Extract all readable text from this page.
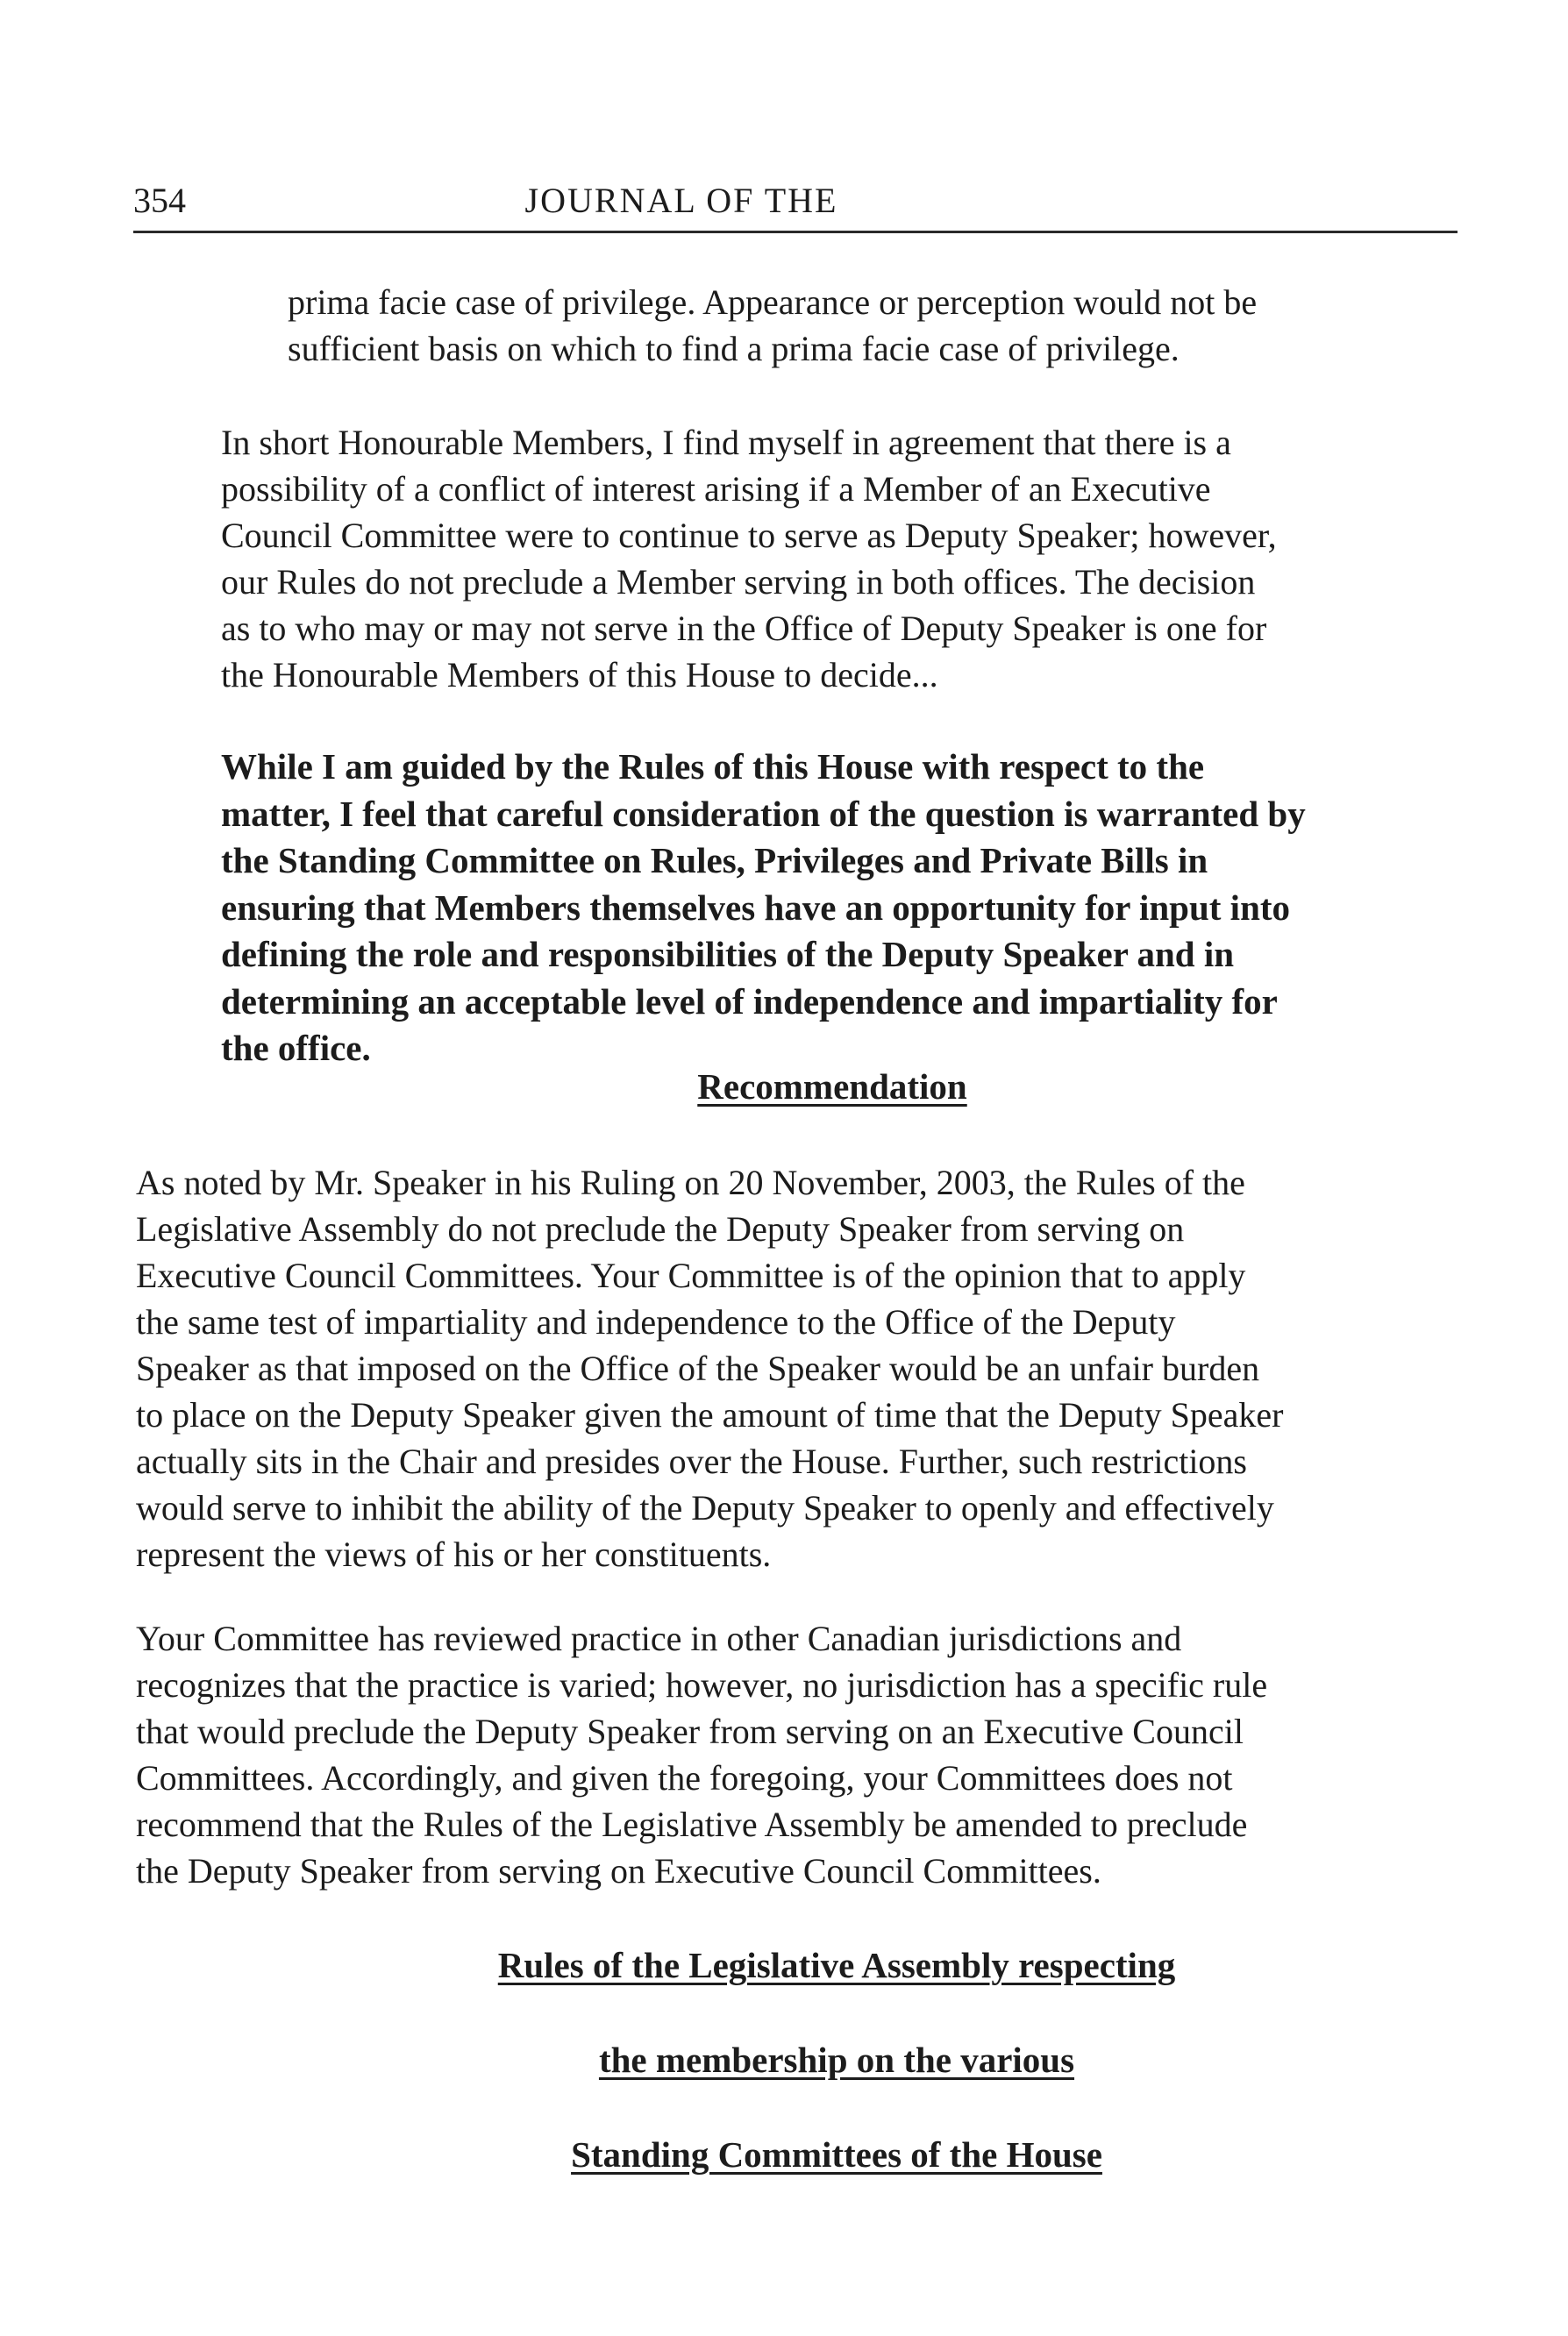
354	JOURNAL OF THE

prima facie case of privilege. Appearance or perception would not be
sufficient basis on which to find a prima facie case of privilege.

In short Honourable Members, I find myself in agreement that there is a
possibility of a conflict of interest arising if a Member of an Executive
Council Committee were to continue to serve as Deputy Speaker; however,
our Rules do not preclude a Member serving in both offices. The decision
as to who may or may not serve in the Office of Deputy Speaker is one for
the Honourable Members of this House to decide...

While I am guided by the Rules of this House with respect to the
matter, I feel that careful consideration of the question is warranted by
the Standing Committee on Rules, Privileges and Private Bills in
ensuring that Members themselves have an opportunity for input into
defining the role and responsibilities of the Deputy Speaker and in
determining an acceptable level of independence and impartiality for
the office.

Recommendation

As noted by Mr. Speaker in his Ruling on 20 November, 2003, the Rules of the
Legislative Assembly do not preclude the Deputy Speaker from serving on
Executive Council Committees. Your Committee is of the opinion that to apply
the same test of impartiality and independence to the Office of the Deputy
Speaker as that imposed on the Office of the Speaker would be an unfair burden
to place on the Deputy Speaker given the amount of time that the Deputy Speaker
actually sits in the Chair and presides over the House. Further, such restrictions
would serve to inhibit the ability of the Deputy Speaker to openly and effectively
represent the views of his or her constituents.

Your Committee has reviewed practice in other Canadian jurisdictions and
recognizes that the practice is varied; however, no jurisdiction has a specific rule
that would preclude the Deputy Speaker from serving on an Executive Council
Committees. Accordingly, and given the foregoing, your Committees does not
recommend that the Rules of the Legislative Assembly be amended to preclude
the Deputy Speaker from serving on Executive Council Committees.

Rules of the Legislative Assembly respecting

the membership on the various

Standing Committees of the House
